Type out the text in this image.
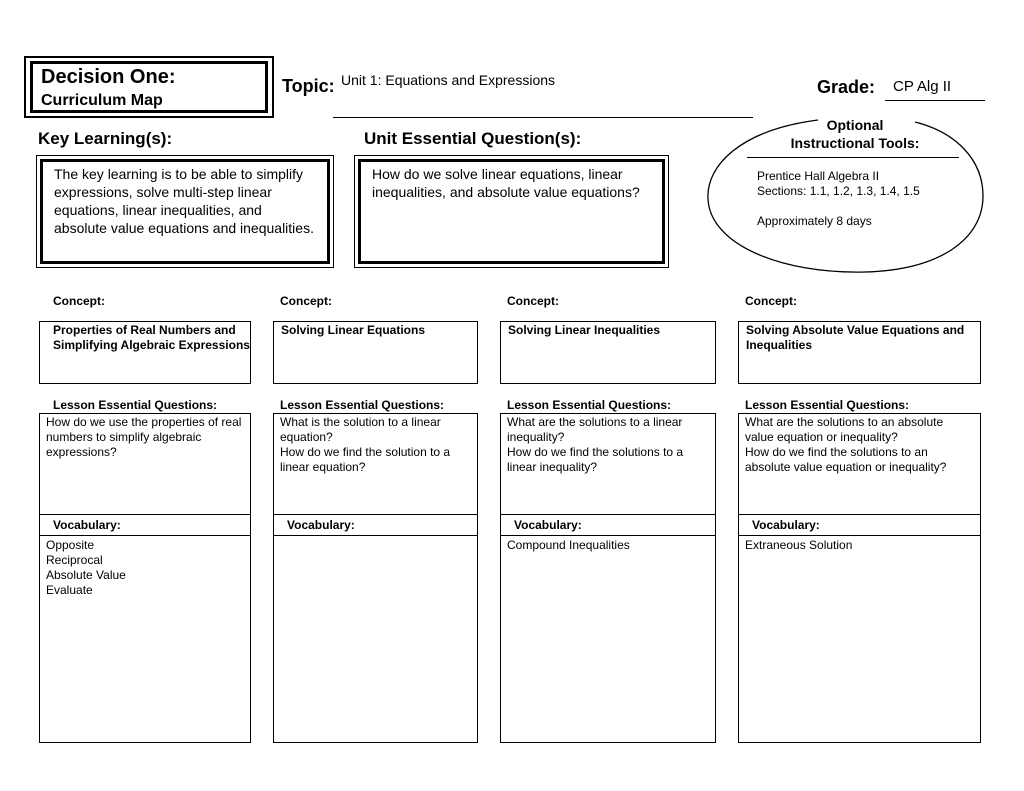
Decision One:
Curriculum Map
Topic: Unit 1: Equations and Expressions	Grade: CP Alg II
Key Learning(s):
The key learning is to be able to simplify expressions, solve multi-step linear equations, linear inequalities, and absolute value equations and inequalities.
Unit Essential Question(s):
How do we solve linear equations, linear inequalities, and absolute value equations?
Optional
Instructional Tools:
Prentice Hall Algebra II
Sections: 1.1, 1.2, 1.3, 1.4, 1.5
Approximately 8 days
Concept:
Properties of Real Numbers and Simplifying Algebraic Expressions
Lesson Essential Questions:
How do we use the properties of real numbers to simplify algebraic expressions?
Vocabulary:
Opposite
Reciprocal
Absolute Value
Evaluate
Concept:
Solving Linear Equations
Lesson Essential Questions:
What is the solution to a linear equation?
How do we find the solution to a linear equation?
Vocabulary:
Concept:
Solving Linear Inequalities
Lesson Essential Questions:
What are the solutions to a linear inequality?
How do we find the solutions to a linear inequality?
Vocabulary:
Compound Inequalities
Concept:
Solving Absolute Value Equations and Inequalities
Lesson Essential Questions:
What are the solutions to an absolute value equation or inequality?
How do we find the solutions to an absolute value equation or inequality?
Vocabulary:
Extraneous Solution
